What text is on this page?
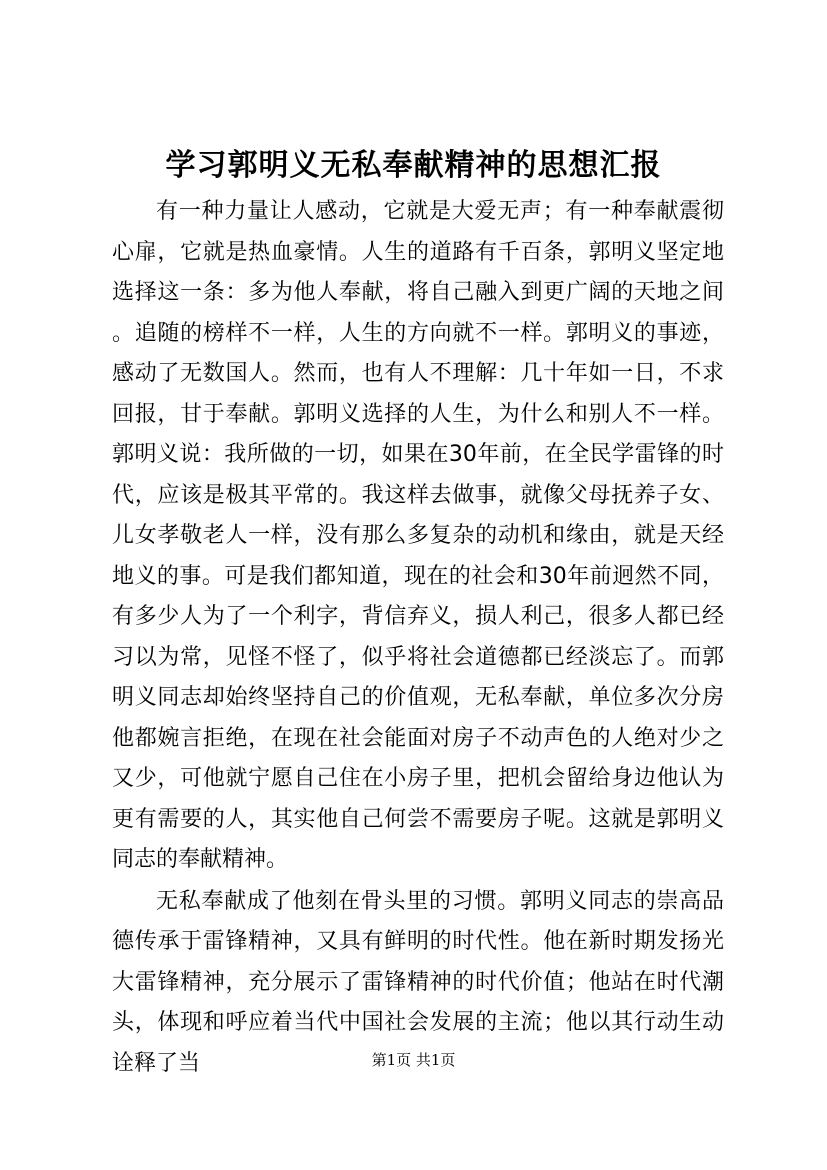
学习郭明义无私奉献精神的思想汇报

有一种力量让人感动，它就是大爱无声；有一种奉献震彻心扉，它就是热血豪情。人生的道路有千百条，郭明义坚定地选择这一条：多为他人奉献，将自己融入到更广阔的天地之间。追随的榜样不一样，人生的方向就不一样。郭明义的事迹，感动了无数国人。然而，也有人不理解：几十年如一日，不求回报，甘于奉献。郭明义选择的人生，为什么和别人不一样。郭明义说：我所做的一切，如果在30年前，在全民学雷锋的时代，应该是极其平常的。我这样去做事，就像父母抚养子女、儿女孝敬老人一样，没有那么多复杂的动机和缘由，就是天经地义的事。可是我们都知道，现在的社会和30年前迥然不同，有多少人为了一个利字，背信弃义，损人利己，很多人都已经习以为常，见怪不怪了，似乎将社会道德都已经淡忘了。而郭明义同志却始终坚持自己的价值观，无私奉献，单位多次分房他都婉言拒绝，在现在社会能面对房子不动声色的人绝对少之又少，可他就宁愿自己住在小房子里，把机会留给身边他认为更有需要的人，其实他自己何尝不需要房子呢。这就是郭明义同志的奉献精神。

无私奉献成了他刻在骨头里的习惯。郭明义同志的崇高品德传承于雷锋精神，又具有鲜明的时代性。他在新时期发扬光大雷锋精神，充分展示了雷锋精神的时代价值；他站在时代潮头，体现和呼应着当代中国社会发展的主流；他以其行动生动诠释了当	第1页 共1页
